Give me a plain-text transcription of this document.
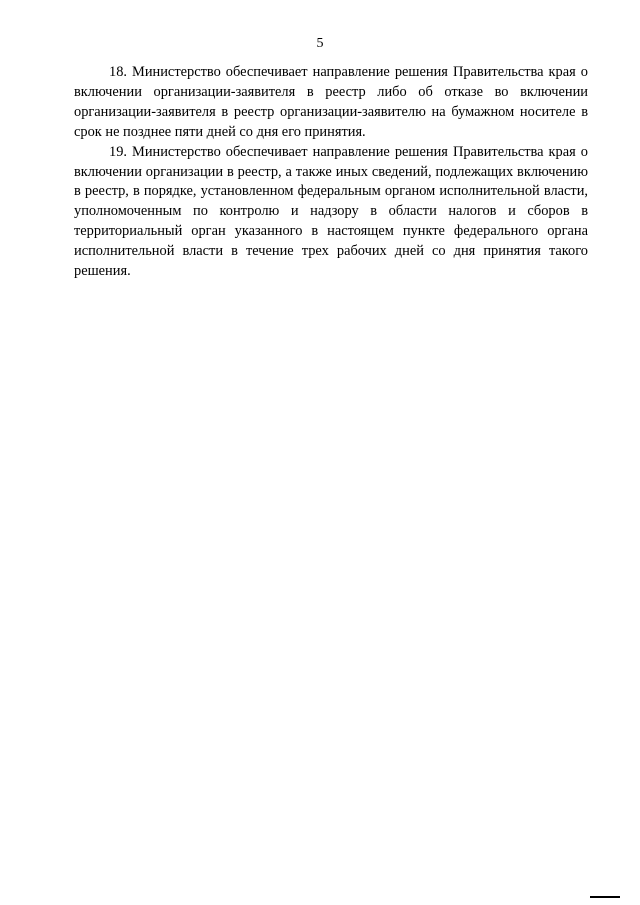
5

18. Министерство обеспечивает направление решения Правительства края о включении организации-заявителя в реестр либо об отказе во включении организации-заявителя в реестр организации-заявителю на бумажном носителе в срок не позднее пяти дней со дня его принятия.

19. Министерство обеспечивает направление решения Правительства края о включении организации в реестр, а также иных сведений, подлежащих включению в реестр, в порядке, установленном федеральным органом исполнительной власти, уполномоченным по контролю и надзору в области налогов и сборов в территориальный орган указанного в настоящем пункте федерального органа исполнительной власти в течение трех рабочих дней со дня принятия такого решения.
